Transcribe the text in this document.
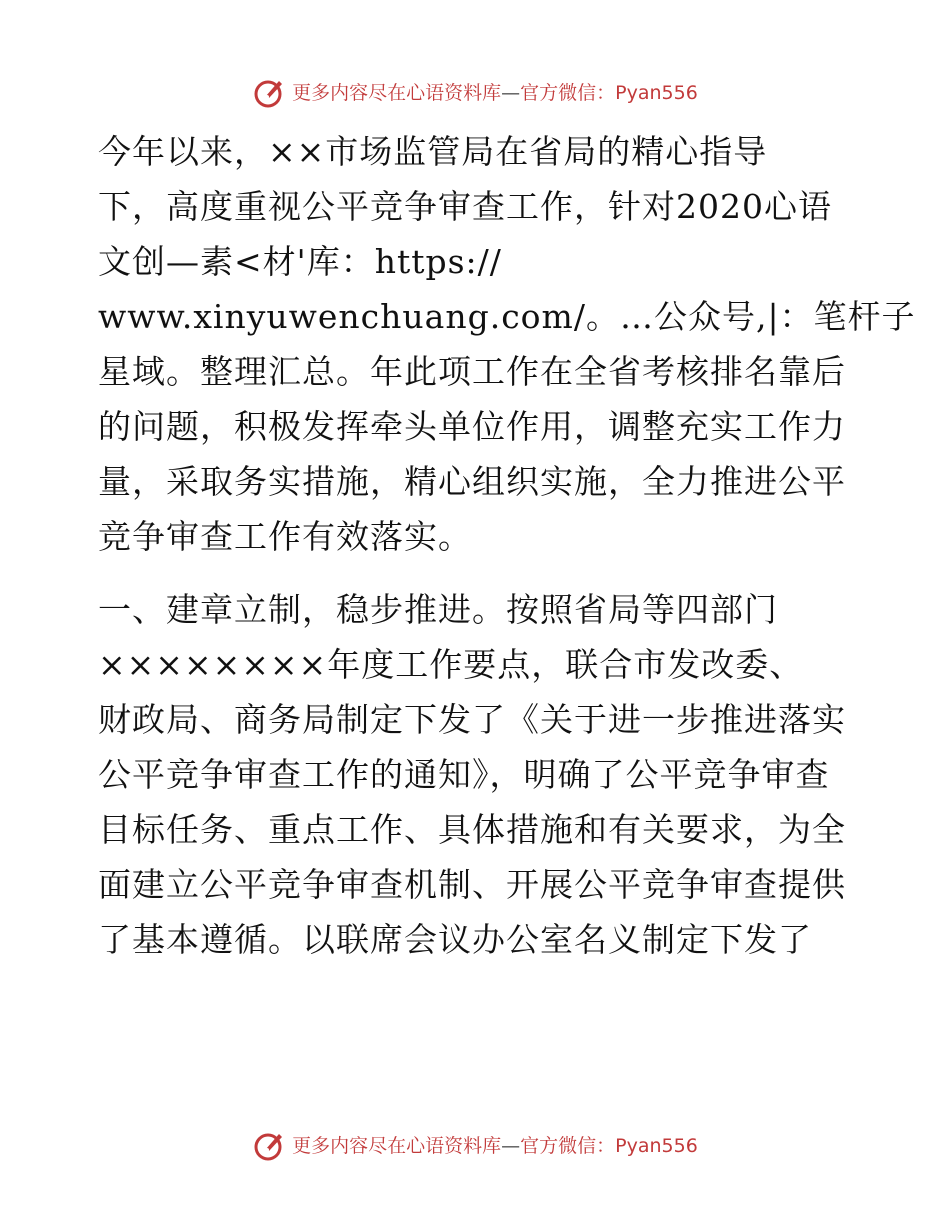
更多内容尽在心语资料库 — 官方微信：Pyan556

今年以来，××市场监管局在省局的精心指导
下，高度重视公平竞争审查工作，针对2020心语
文创—素<材'库：https://
www.xinyuwenchuang.com/。…公众号,|：笔杆子
星域。整理汇总。年此项工作在全省考核排名靠后
的问题，积极发挥牵头单位作用，调整充实工作力
量，采取务实措施，精心组织实施，全力推进公平
竞争审查工作有效落实。

一、建章立制，稳步推进。按照省局等四部门
××××××××年度工作要点，联合市发改委、
财政局、商务局制定下发了《关于进一步推进落实
公平竞争审查工作的通知》，明确了公平竞争审查
目标任务、重点工作、具体措施和有关要求，为全
面建立公平竞争审查机制、开展公平竞争审查提供
了基本遵循。以联席会议办公室名义制定下发了

更多内容尽在心语资料库 — 官方微信：Pyan556
